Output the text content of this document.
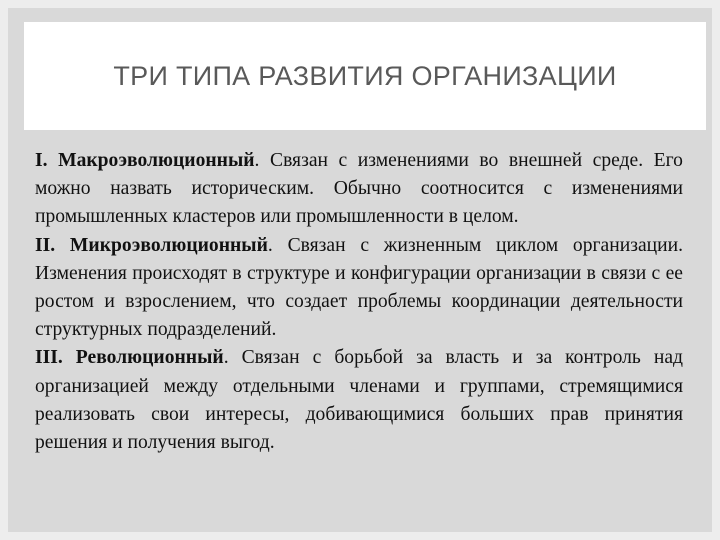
ТРИ ТИПА РАЗВИТИЯ ОРГАНИЗАЦИИ

I. Макроэволюционный. Связан с изменениями во внешней среде. Его можно назвать историческим. Обычно соотносится с изменениями промышленных кластеров или промышленности в целом.

II. Микроэволюционный. Связан с жизненным циклом организации. Изменения происходят в структуре и конфигурации организации в связи с ее ростом и взрослением, что создает проблемы координации деятельности структурных подразделений.

III. Революционный. Связан с борьбой за власть и за контроль над организацией между отдельными членами и группами, стремящимися реализовать свои интересы, добивающимися больших прав принятия решения и получения выгод.
